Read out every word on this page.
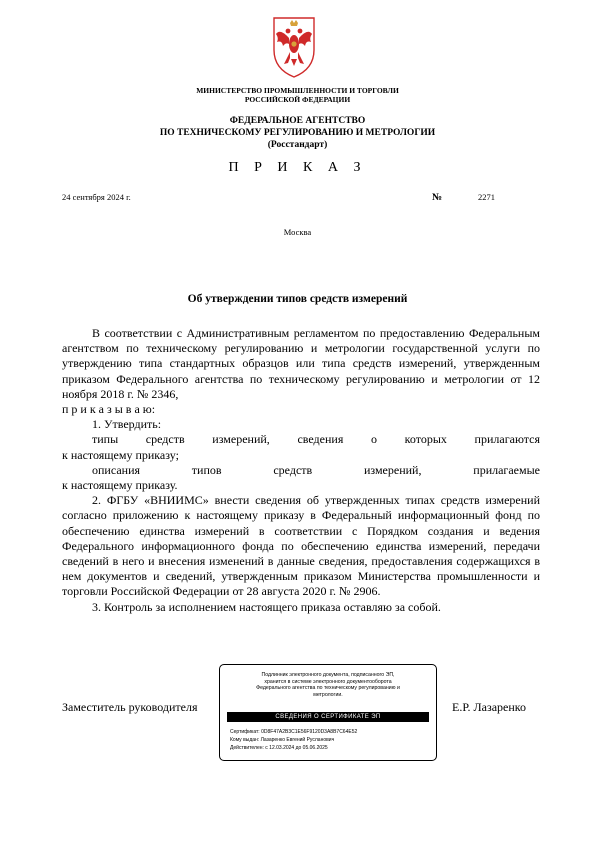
МИНИСТЕРСТВО ПРОМЫШЛЕННОСТИ И ТОРГОВЛИ
РОССИЙСКОЙ ФЕДЕРАЦИИ
ФЕДЕРАЛЬНОЕ АГЕНТСТВО
ПО ТЕХНИЧЕСКОМУ РЕГУЛИРОВАНИЮ И МЕТРОЛОГИИ
(Росстандарт)
П Р И К А З
24 сентября 2024 г.	№	2271
Москва
Об утверждении типов средств измерений

В соответствии с Административным регламентом по предоставлению Федеральным агентством по техническому регулированию и метрологии государственной услуги по утверждению типа стандартных образцов или типа средств измерений, утвержденным приказом Федерального агентства по техническому регулированию и метрологии от 12 ноября 2018 г. № 2346,

п р и к а з ы в а ю:

1. Утвердить:

типы средств измерений, сведения о которых прилагаются

к настоящему приказу;

описания типов средств измерений, прилагаемые

к настоящему приказу.

2. ФГБУ «ВНИИМС» внести сведения об утвержденных типах средств измерений согласно приложению к настоящему приказу в Федеральный информационный фонд по обеспечению единства измерений в соответствии с Порядком создания и ведения Федерального информационного фонда по обеспечению единства измерений, передачи сведений в него и внесения изменений в данные сведения, предоставления содержащихся в нем документов и сведений, утвержденным приказом Министерства промышленности и торговли Российской Федерации от 28 августа 2020 г. № 2906.

3. Контроль за исполнением настоящего приказа оставляю за собой.

Заместитель руководителя
Подлинник электронного документа, подписанного ЭП,
хранится в системе электронного документооборота
Федерального агентства по техническому регулированию и
метрологии.
СВЕДЕНИЯ О СЕРТИФИКАТЕ ЭП
Сертификат: 0D8F47A2B3C1E56F9120D3A8B7C64E52
Кому выдан: Лазаренко Евгений Русланович
Действителен: с 12.03.2024 до 05.06.2025
Е.Р. Лазаренко
